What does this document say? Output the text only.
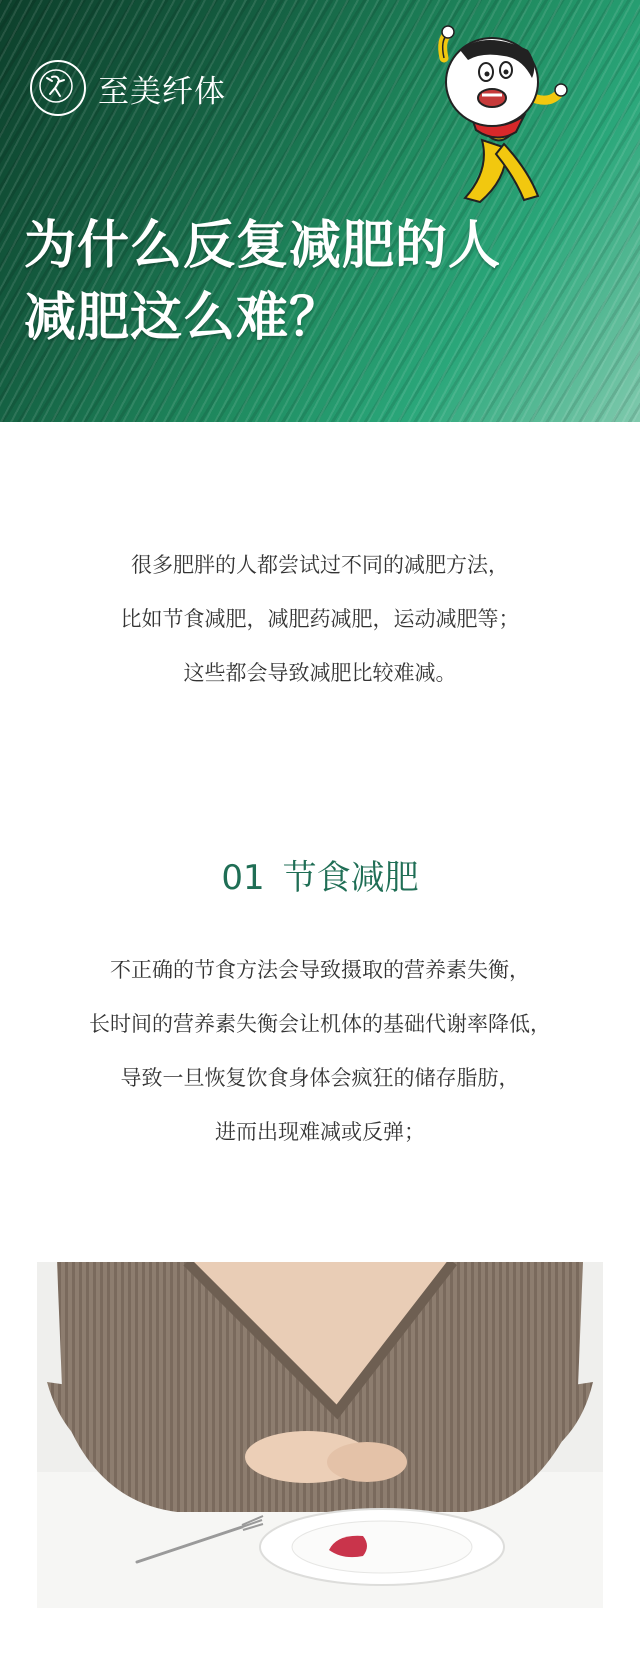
至美纤体
为什么反复减肥的人
减肥这么难？
很多肥胖的人都尝试过不同的减肥方法，
比如节食减肥，减肥药减肥，运动减肥等；
这些都会导致减肥比较难减。
01 节食减肥
不正确的节食方法会导致摄取的营养素失衡，
长时间的营养素失衡会让机体的基础代谢率降低，
导致一旦恢复饮食身体会疯狂的储存脂肪，
进而出现难减或反弹；
